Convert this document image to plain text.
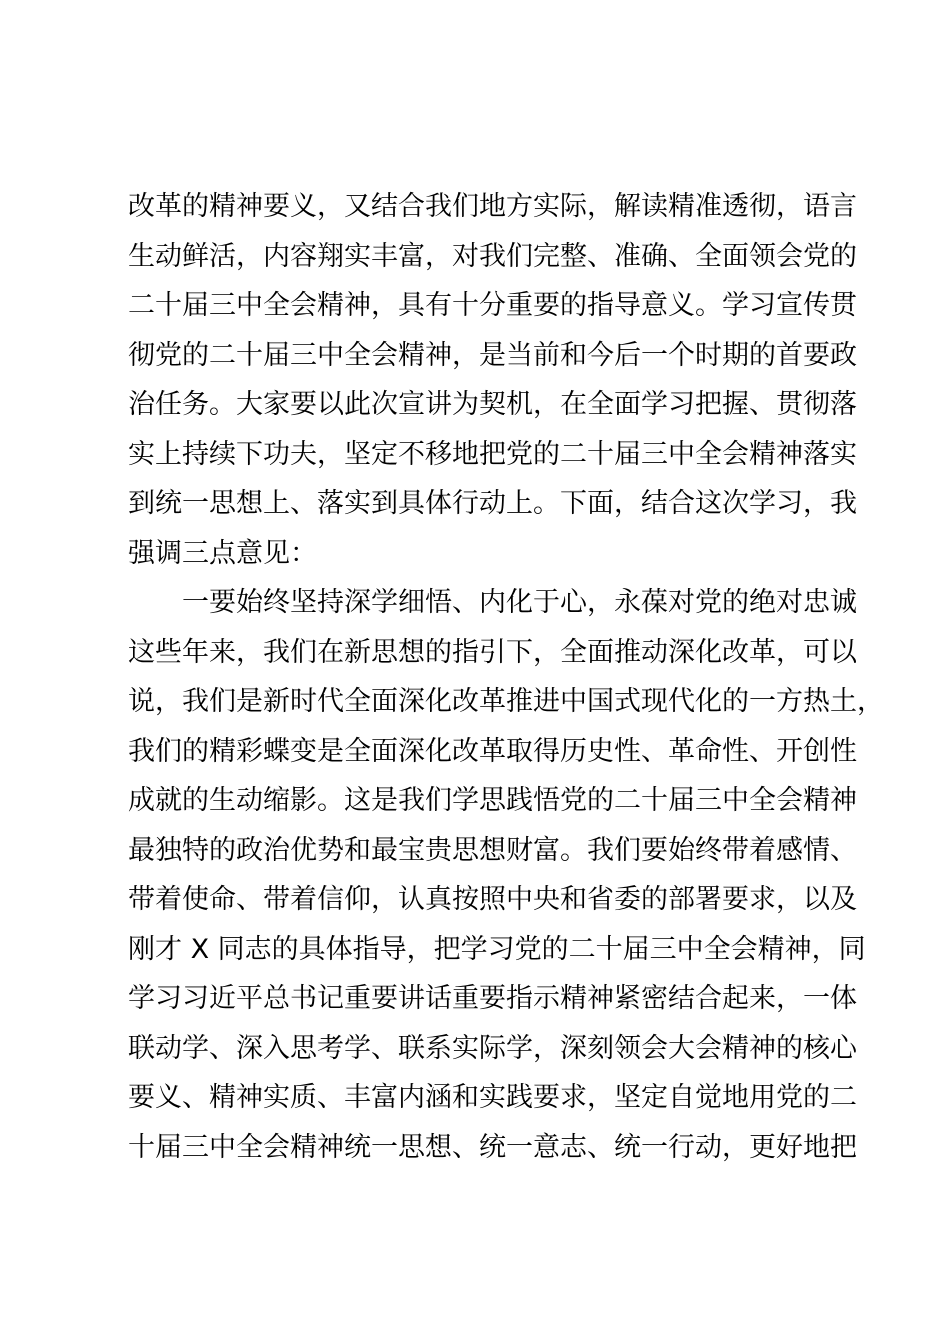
改革的精神要义，又结合我们地方实际，解读精准透彻，语言
生动鲜活，内容翔实丰富，对我们完整、准确、全面领会党的
二十届三中全会精神，具有十分重要的指导意义。学习宣传贯
彻党的二十届三中全会精神，是当前和今后一个时期的首要政
治任务。大家要以此次宣讲为契机，在全面学习把握、贯彻落
实上持续下功夫，坚定不移地把党的二十届三中全会精神落实
到统一思想上、落实到具体行动上。下面，结合这次学习，我
强调三点意见：
一要始终坚持深学细悟、内化于心，永葆对党的绝对忠诚
这些年来，我们在新思想的指引下，全面推动深化改革，可以
说，我们是新时代全面深化改革推进中国式现代化的一方热土，
我们的精彩蝶变是全面深化改革取得历史性、革命性、开创性
成就的生动缩影。这是我们学思践悟党的二十届三中全会精神
最独特的政治优势和最宝贵思想财富。我们要始终带着感情、
带着使命、带着信仰，认真按照中央和省委的部署要求，以及
刚才 X 同志的具体指导，把学习党的二十届三中全会精神，同
学习习近平总书记重要讲话重要指示精神紧密结合起来，一体
联动学、深入思考学、联系实际学，深刻领会大会精神的核心
要义、精神实质、丰富内涵和实践要求，坚定自觉地用党的二
十届三中全会精神统一思想、统一意志、统一行动，更好地把
